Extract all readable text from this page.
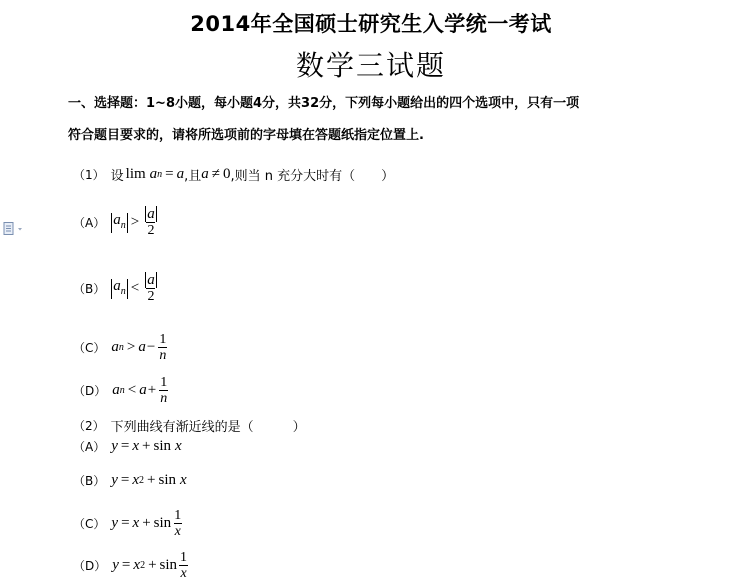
2014年全国硕士研究生入学统一考试
数学三试题
一、选择题：1~8小题，每小题4分，共32分，下列每小题给出的四个选项中，只有一项
符合题目要求的，请将所选项前的字母填在答题纸指定位置上.
（1） 设 lim a n = a ,且 a ≠ 0 ,则当 n 充分大时有（　　）
（A） $a_n > \frac{a}{2}$
（B） $a_n < \frac{a}{2}$
（C） a $n > a - \frac{1}{n}$
（D） a $n < a + \frac{1}{n}$
（2） 下列曲线有渐近线的是（　　　）
（A） y = x + sin x
（B） y = x 2 + sin x
（C） $y = x + \sin \frac{1}{x}$
（D） y = x $2 + \sin \frac{1}{x}$
